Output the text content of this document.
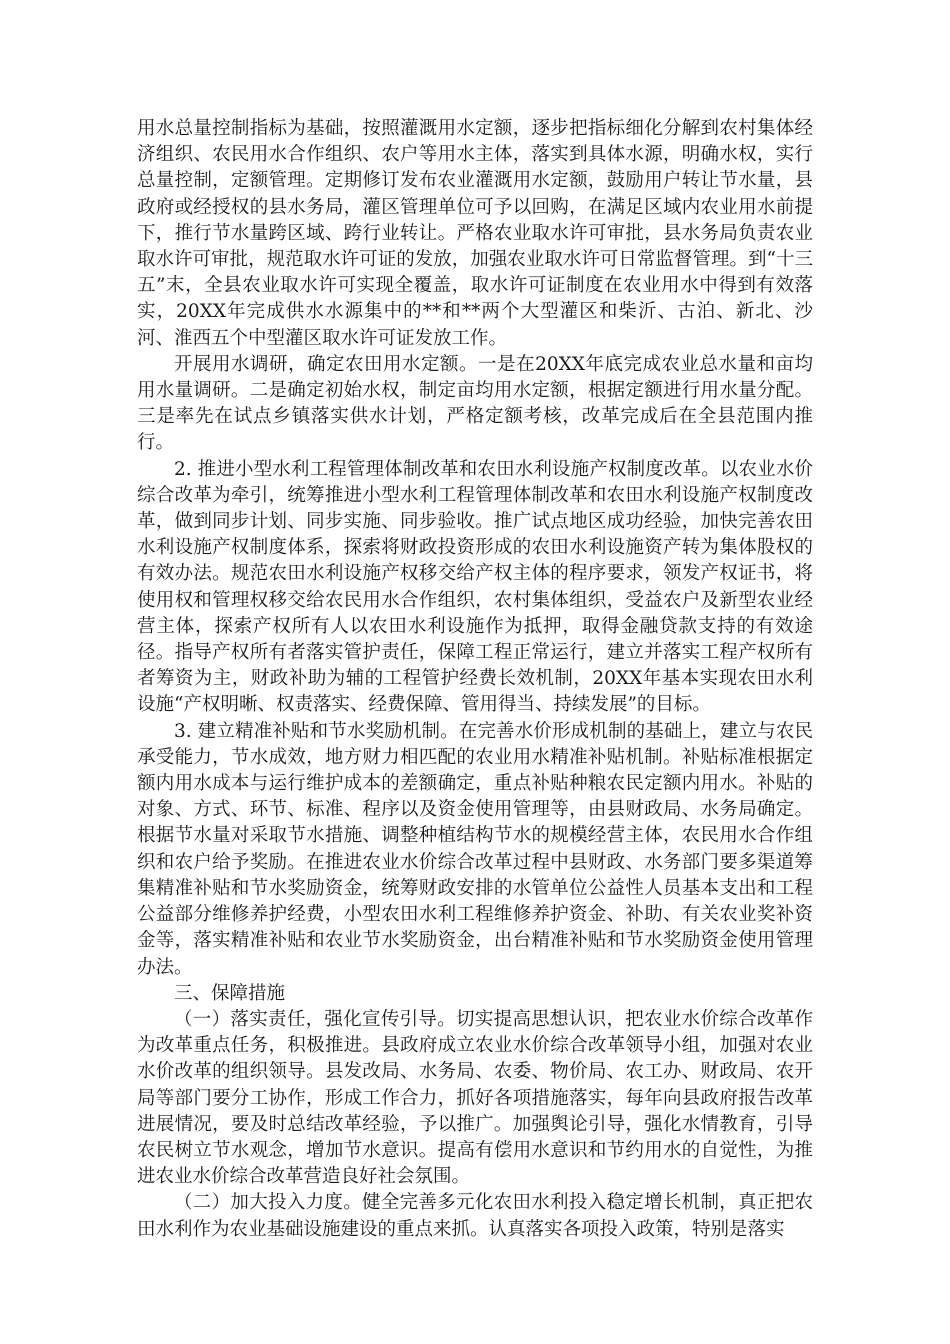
用水总量控制指标为基础，按照灌溉用水定额，逐步把指标细化分解到农村集体经济组织、农民用水合作组织、农户等用水主体，落实到具体水源，明确水权，实行总量控制，定额管理。定期修订发布农业灌溉用水定额，鼓励用户转让节水量，县政府或经授权的县水务局，灌区管理单位可予以回购，在满足区域内农业用水前提下，推行节水量跨区域、跨行业转让。严格农业取水许可审批，县水务局负责农业取水许可审批，规范取水许可证的发放，加强农业取水许可日常监督管理。到“十三五”末，全县农业取水许可实现全覆盖，取水许可证制度在农业用水中得到有效落实，20XX年完成供水水源集中的**和**两个大型灌区和柴沂、古泊、新北、沙河、淮西五个中型灌区取水许可证发放工作。

开展用水调研，确定农田用水定额。一是在20XX年底完成农业总水量和亩均用水量调研。二是确定初始水权，制定亩均用水定额，根据定额进行用水量分配。三是率先在试点乡镇落实供水计划，严格定额考核，改革完成后在全县范围内推行。

2. 推进小型水利工程管理体制改革和农田水利设施产权制度改革。以农业水价综合改革为牵引，统筹推进小型水利工程管理体制改革和农田水利设施产权制度改革，做到同步计划、同步实施、同步验收。推广试点地区成功经验，加快完善农田水利设施产权制度体系，探索将财政投资形成的农田水利设施资产转为集体股权的有效办法。规范农田水利设施产权移交给产权主体的程序要求，领发产权证书，将使用权和管理权移交给农民用水合作组织，农村集体组织，受益农户及新型农业经营主体，探索产权所有人以农田水利设施作为抵押，取得金融贷款支持的有效途径。指导产权所有者落实管护责任，保障工程正常运行，建立并落实工程产权所有者筹资为主，财政补助为辅的工程管护经费长效机制，20XX年基本实现农田水利设施“产权明晰、权责落实、经费保障、管用得当、持续发展”的目标。

3. 建立精准补贴和节水奖励机制。在完善水价形成机制的基础上，建立与农民承受能力，节水成效，地方财力相匹配的农业用水精准补贴机制。补贴标准根据定额内用水成本与运行维护成本的差额确定，重点补贴种粮农民定额内用水。补贴的对象、方式、环节、标准、程序以及资金使用管理等，由县财政局、水务局确定。根据节水量对采取节水措施、调整种植结构节水的规模经营主体，农民用水合作组织和农户给予奖励。在推进农业水价综合改革过程中县财政、水务部门要多渠道筹集精准补贴和节水奖励资金，统筹财政安排的水管单位公益性人员基本支出和工程公益部分维修养护经费，小型农田水利工程维修养护资金、补助、有关农业奖补资金等，落实精准补贴和农业节水奖励资金，出台精准补贴和节水奖励资金使用管理办法。

三、保障措施

（一）落实责任，强化宣传引导。切实提高思想认识，把农业水价综合改革作为改革重点任务，积极推进。县政府成立农业水价综合改革领导小组，加强对农业水价改革的组织领导。县发改局、水务局、农委、物价局、农工办、财政局、农开局等部门要分工协作，形成工作合力，抓好各项措施落实，每年向县政府报告改革进展情况，要及时总结改革经验，予以推广。加强舆论引导，强化水情教育，引导农民树立节水观念，增加节水意识。提高有偿用水意识和节约用水的自觉性，为推进农业水价综合改革营造良好社会氛围。

（二）加大投入力度。健全完善多元化农田水利投入稳定增长机制，真正把农田水利作为农业基础设施建设的重点来抓。认真落实各项投入政策，特别是落实
